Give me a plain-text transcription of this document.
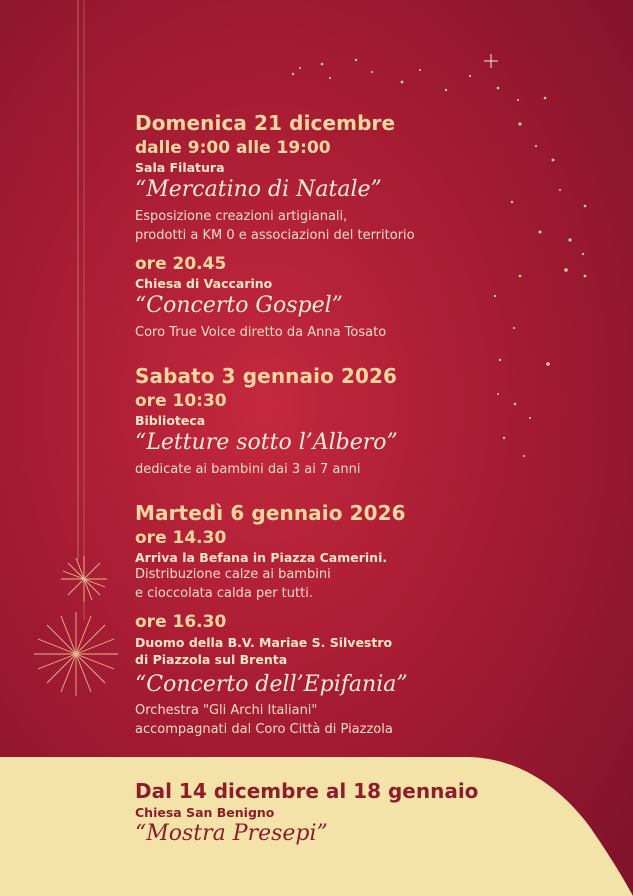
Domenica 21 dicembre
dalle 9:00 alle 19:00
Sala Filatura
“Mercatino di Natale”
Esposizione creazioni artigianali,
prodotti a KM 0 e associazioni del territorio
ore 20.45
Chiesa di Vaccarino
“Concerto Gospel”
Coro True Voice diretto da Anna Tosato
Sabato 3 gennaio 2026
ore 10:30
Biblioteca
“Letture sotto l’Albero”
dedicate ai bambini dai 3 ai 7 anni
Martedì 6 gennaio 2026
ore 14.30
Arriva la Befana in Piazza Camerini.
Distribuzione calze ai bambini
e cioccolata calda per tutti.
ore 16.30
Duomo della B.V. Mariae S. Silvestro
di Piazzola sul Brenta
“Concerto dell’Epifania”
Orchestra "Gli Archi Italiani"
accompagnati dal Coro Città di Piazzola
Dal 14 dicembre al 18 gennaio
Chiesa San Benigno
“Mostra Presepi”
